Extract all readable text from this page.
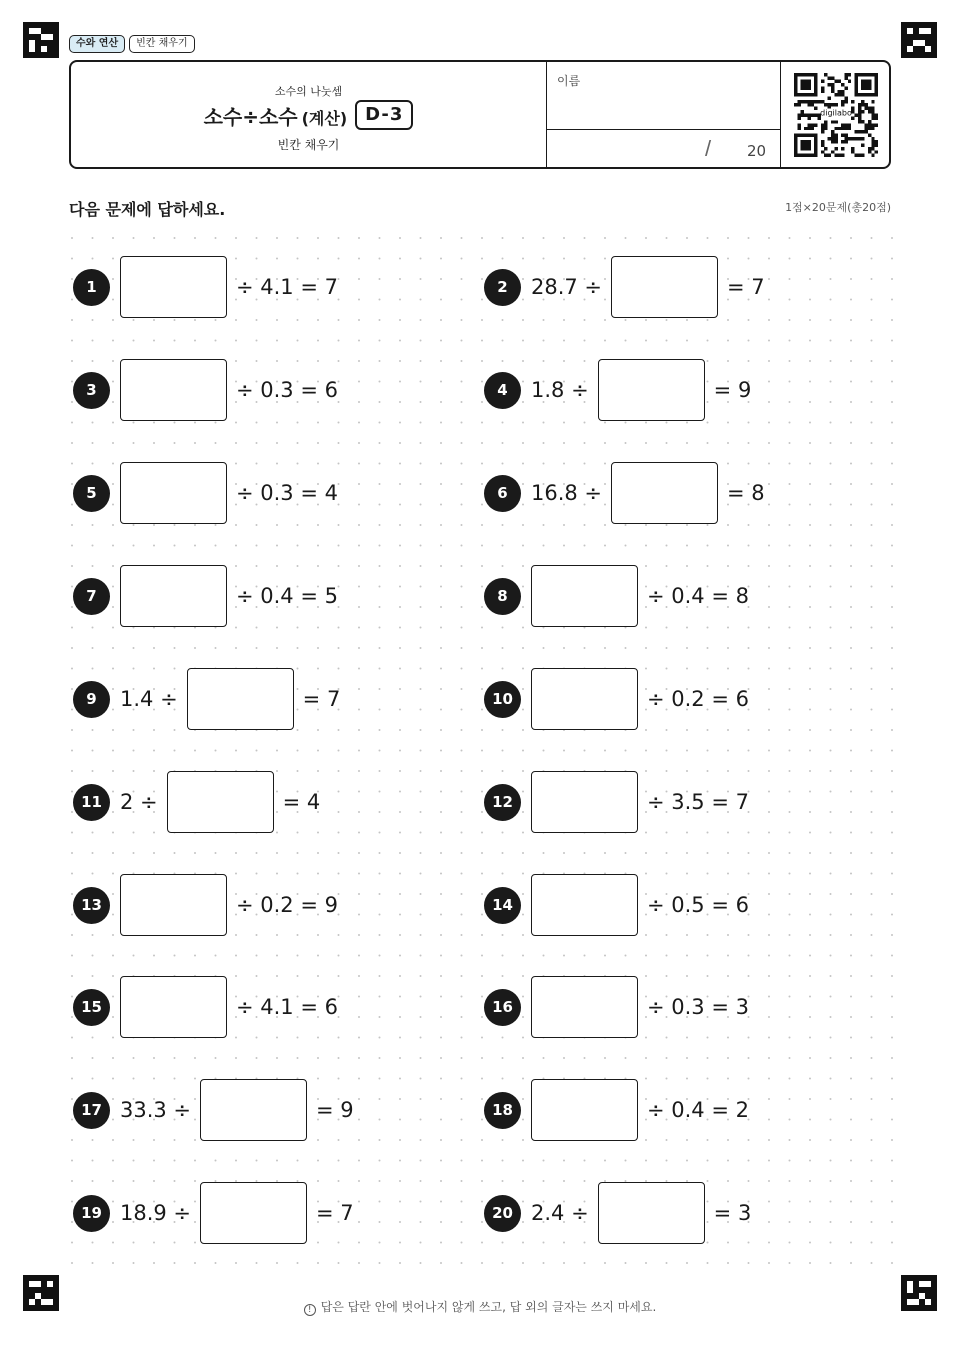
수와 연산	빈칸 채우기
소수의 나눗셈
소수÷소수 (계산)	D-3
빈칸 채우기
이름
/ 20
digilabo
다음 문제에 답하세요.	1점×20문제(총20점)
1	÷ 4.1 = 7	2	28.7 ÷	= 7
3	÷ 0.3 = 6	4	1.8 ÷	= 9
5	÷ 0.3 = 4	6	16.8 ÷	= 8
7	÷ 0.4 = 5	8	÷ 0.4 = 8
9	1.4 ÷	= 7	10	÷ 0.2 = 6
11 2 ÷	= 4	12	÷ 3.5 = 7
13	÷ 0.2 = 9	14	÷ 0.5 = 6
15	÷ 4.1 = 6	16	÷ 0.3 = 3
17 33.3 ÷	= 9	18	÷ 0.4 = 2
19 18.9 ÷	= 7	20 2.4 ÷	= 3
! 답은 답란 안에 벗어나지 않게 쓰고, 답 외의 글자는 쓰지 마세요.
